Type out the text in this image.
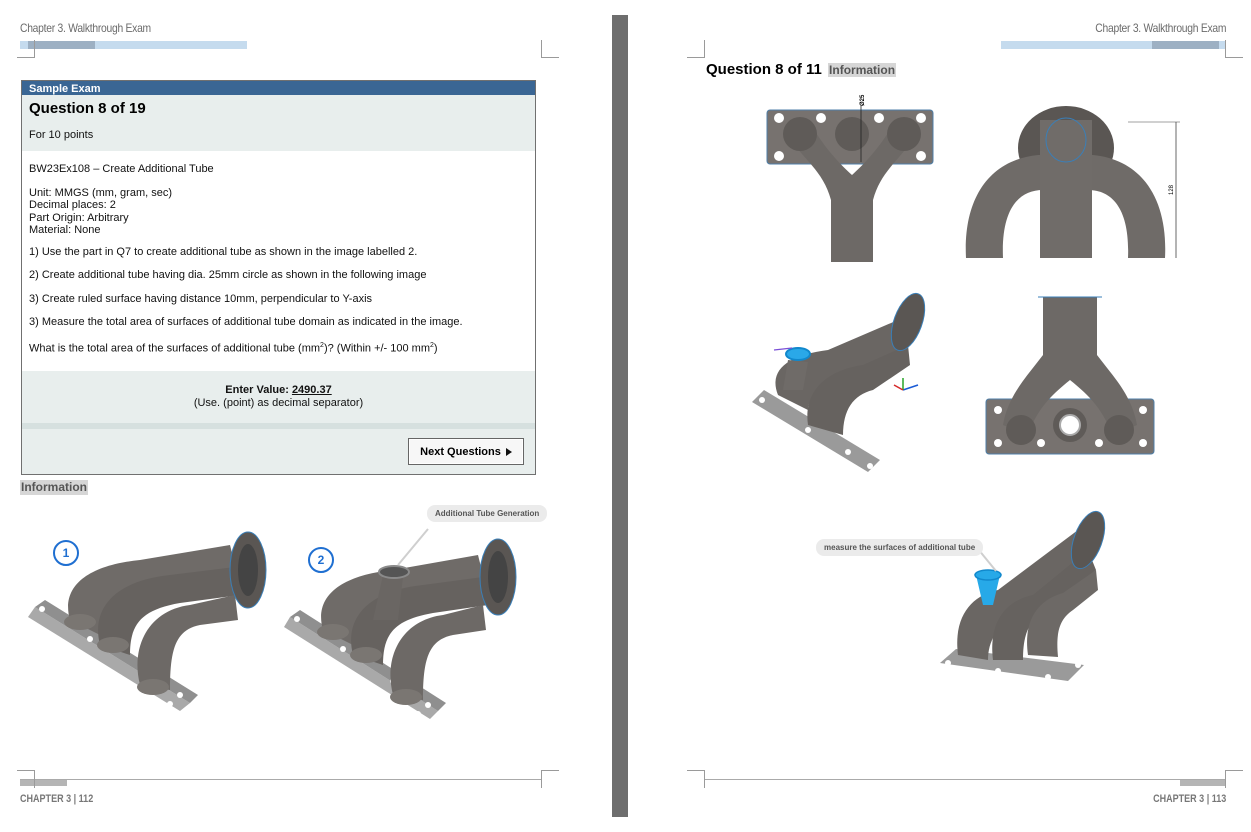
Chapter 3. Walkthrough Exam
Sample Exam
Question 8 of 19
For 10 points

BW23Ex108 – Create Additional Tube

Unit: MMGS (mm, gram, sec)
Decimal places: 2
Part Origin: Arbitrary
Material: None

1) Use the part in Q7 to create additional tube as shown in the image labelled 2.

2) Create additional tube having dia. 25mm circle as shown in the following image

3) Create ruled surface having distance 10mm, perpendicular to Y-axis

3) Measure the total area of surfaces of additional tube domain as indicated in the image.

What is the total area of the surfaces of additional tube $(mm^2)$? (Within +/- 100 $mm^2$)

Enter Value: 2490.37
(Use. (point) as decimal separator)
Next Questions
Information
1	2
Additional Tube Generation
CHAPTER 3 | 112
Chapter 3. Walkthrough Exam
Question 8 of 11 Information
Ø25
128
measure the surfaces of additional tube
CHAPTER 3 | 113
